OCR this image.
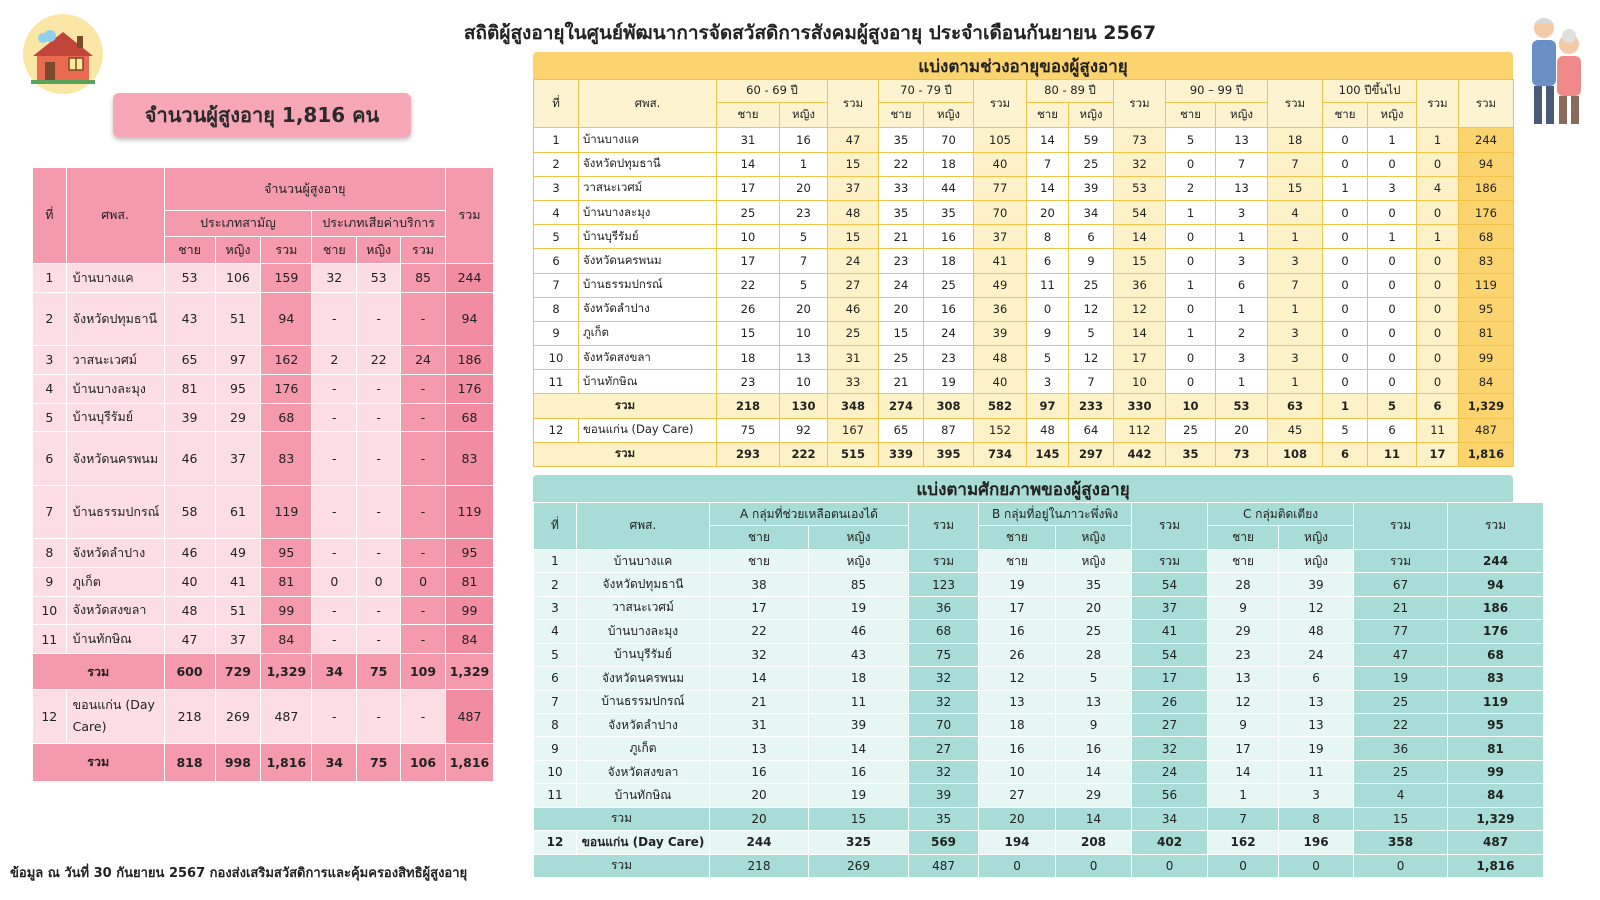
สถิติผู้สูงอายุในศูนย์พัฒนาการจัดสวัสดิการสังคมผู้สูงอายุ ประจำเดือนกันยายน 2567
จำนวนผู้สูงอายุ 1,816 คน
ที่	ศพส.	จำนวนผู้สูงอายุ						รวม
		ประเภทสามัญ			ประเภทเสียค่าบริการ			
		ชาย	หญิง	รวม	ชาย	หญิง	รวม	
1	บ้านบางแค	53	106	159	32	53	85	244
2	จังหวัดปทุมธานี	43	51	94	-	-	-	94
3	วาสนะเวศม์	65	97	162	2	22	24	186
4	บ้านบางละมุง	81	95	176	-	-	-	176
5	บ้านบุรีรัมย์	39	29	68	-	-	-	68
6	จังหวัดนครพนม	46	37	83	-	-	-	83
7	บ้านธรรมปกรณ์	58	61	119	-	-	-	119
8	จังหวัดลำปาง	46	49	95	-	-	-	95
9	ภูเก็ต	40	41	81	0	0	0	81
10	จังหวัดสงขลา	48	51	99	-	-	-	99
11	บ้านทักษิณ	47	37	84	-	-	-	84
รวม		600	729	1,329	34	75	109	1,329
12	ขอนแก่น (Day Care)	218	269	487	-	-	-	487
รวม		818	998	1,816	34	75	106	1,816
แบ่งตามช่วงอายุของผู้สูงอายุ
ที่	ศพส.	60 - 69 ปี		รวม	70 - 79 ปี		รวม	80 - 89 ปี		รวม	90 – 99 ปี		รวม	100 ปีขึ้นไป		รวม	รวม
		ชาย	หญิง		ชาย	หญิง		ชาย	หญิง		ชาย	หญิง		ชาย	หญิง		
1	บ้านบางแค	31	16	47	35	70	105	14	59	73	5	13	18	0	1	1	244
2	จังหวัดปทุมธานี	14	1	15	22	18	40	7	25	32	0	7	7	0	0	0	94
3	วาสนะเวศม์	17	20	37	33	44	77	14	39	53	2	13	15	1	3	4	186
4	บ้านบางละมุง	25	23	48	35	35	70	20	34	54	1	3	4	0	0	0	176
5	บ้านบุรีรัมย์	10	5	15	21	16	37	8	6	14	0	1	1	0	1	1	68
6	จังหวัดนครพนม	17	7	24	23	18	41	6	9	15	0	3	3	0	0	0	83
7	บ้านธรรมปกรณ์	22	5	27	24	25	49	11	25	36	1	6	7	0	0	0	119
8	จังหวัดลำปาง	26	20	46	20	16	36	0	12	12	0	1	1	0	0	0	95
9	ภูเก็ต	15	10	25	15	24	39	9	5	14	1	2	3	0	0	0	81
10	จังหวัดสงขลา	18	13	31	25	23	48	5	12	17	0	3	3	0	0	0	99
11	บ้านทักษิณ	23	10	33	21	19	40	3	7	10	0	1	1	0	0	0	84
รวม		218	130	348	274	308	582	97	233	330	10	53	63	1	5	6	1,329
12	ขอนแก่น (Day Care)	75	92	167	65	87	152	48	64	112	25	20	45	5	6	11	487
รวม		293	222	515	339	395	734	145	297	442	35	73	108	6	11	17	1,816
แบ่งตามศักยภาพของผู้สูงอายุ
ที่	ศพส.	A กลุ่มที่ช่วยเหลือตนเองได้		รวม	B กลุ่มที่อยู่ในภาวะพึ่งพิง		รวม	C กลุ่มติดเตียง		รวม	รวม
		ชาย	หญิง		ชาย	หญิง		ชาย	หญิง		
1	บ้านบางแค	ชาย	หญิง	รวม	ชาย	หญิง	รวม	ชาย	หญิง	รวม	244
2	จังหวัดปทุมธานี	38	85	123	19	35	54	28	39	67	94
3	วาสนะเวศม์	17	19	36	17	20	37	9	12	21	186
4	บ้านบางละมุง	22	46	68	16	25	41	29	48	77	176
5	บ้านบุรีรัมย์	32	43	75	26	28	54	23	24	47	68
6	จังหวัดนครพนม	14	18	32	12	5	17	13	6	19	83
7	บ้านธรรมปกรณ์	21	11	32	13	13	26	12	13	25	119
8	จังหวัดลำปาง	31	39	70	18	9	27	9	13	22	95
9	ภูเก็ต	13	14	27	16	16	32	17	19	36	81
10	จังหวัดสงขลา	16	16	32	10	14	24	14	11	25	99
11	บ้านทักษิณ	20	19	39	27	29	56	1	3	4	84
รวม		20	15	35	20	14	34	7	8	15	1,329
12	ขอนแก่น (Day Care)	244	325	569	194	208	402	162	196	358	487
รวม		218	269	487	0	0	0	0	0	0	1,816
ข้อมูล ณ วันที่ 30 กันยายน 2567 กองส่งเสริมสวัสดิการและคุ้มครองสิทธิผู้สูงอายุ
